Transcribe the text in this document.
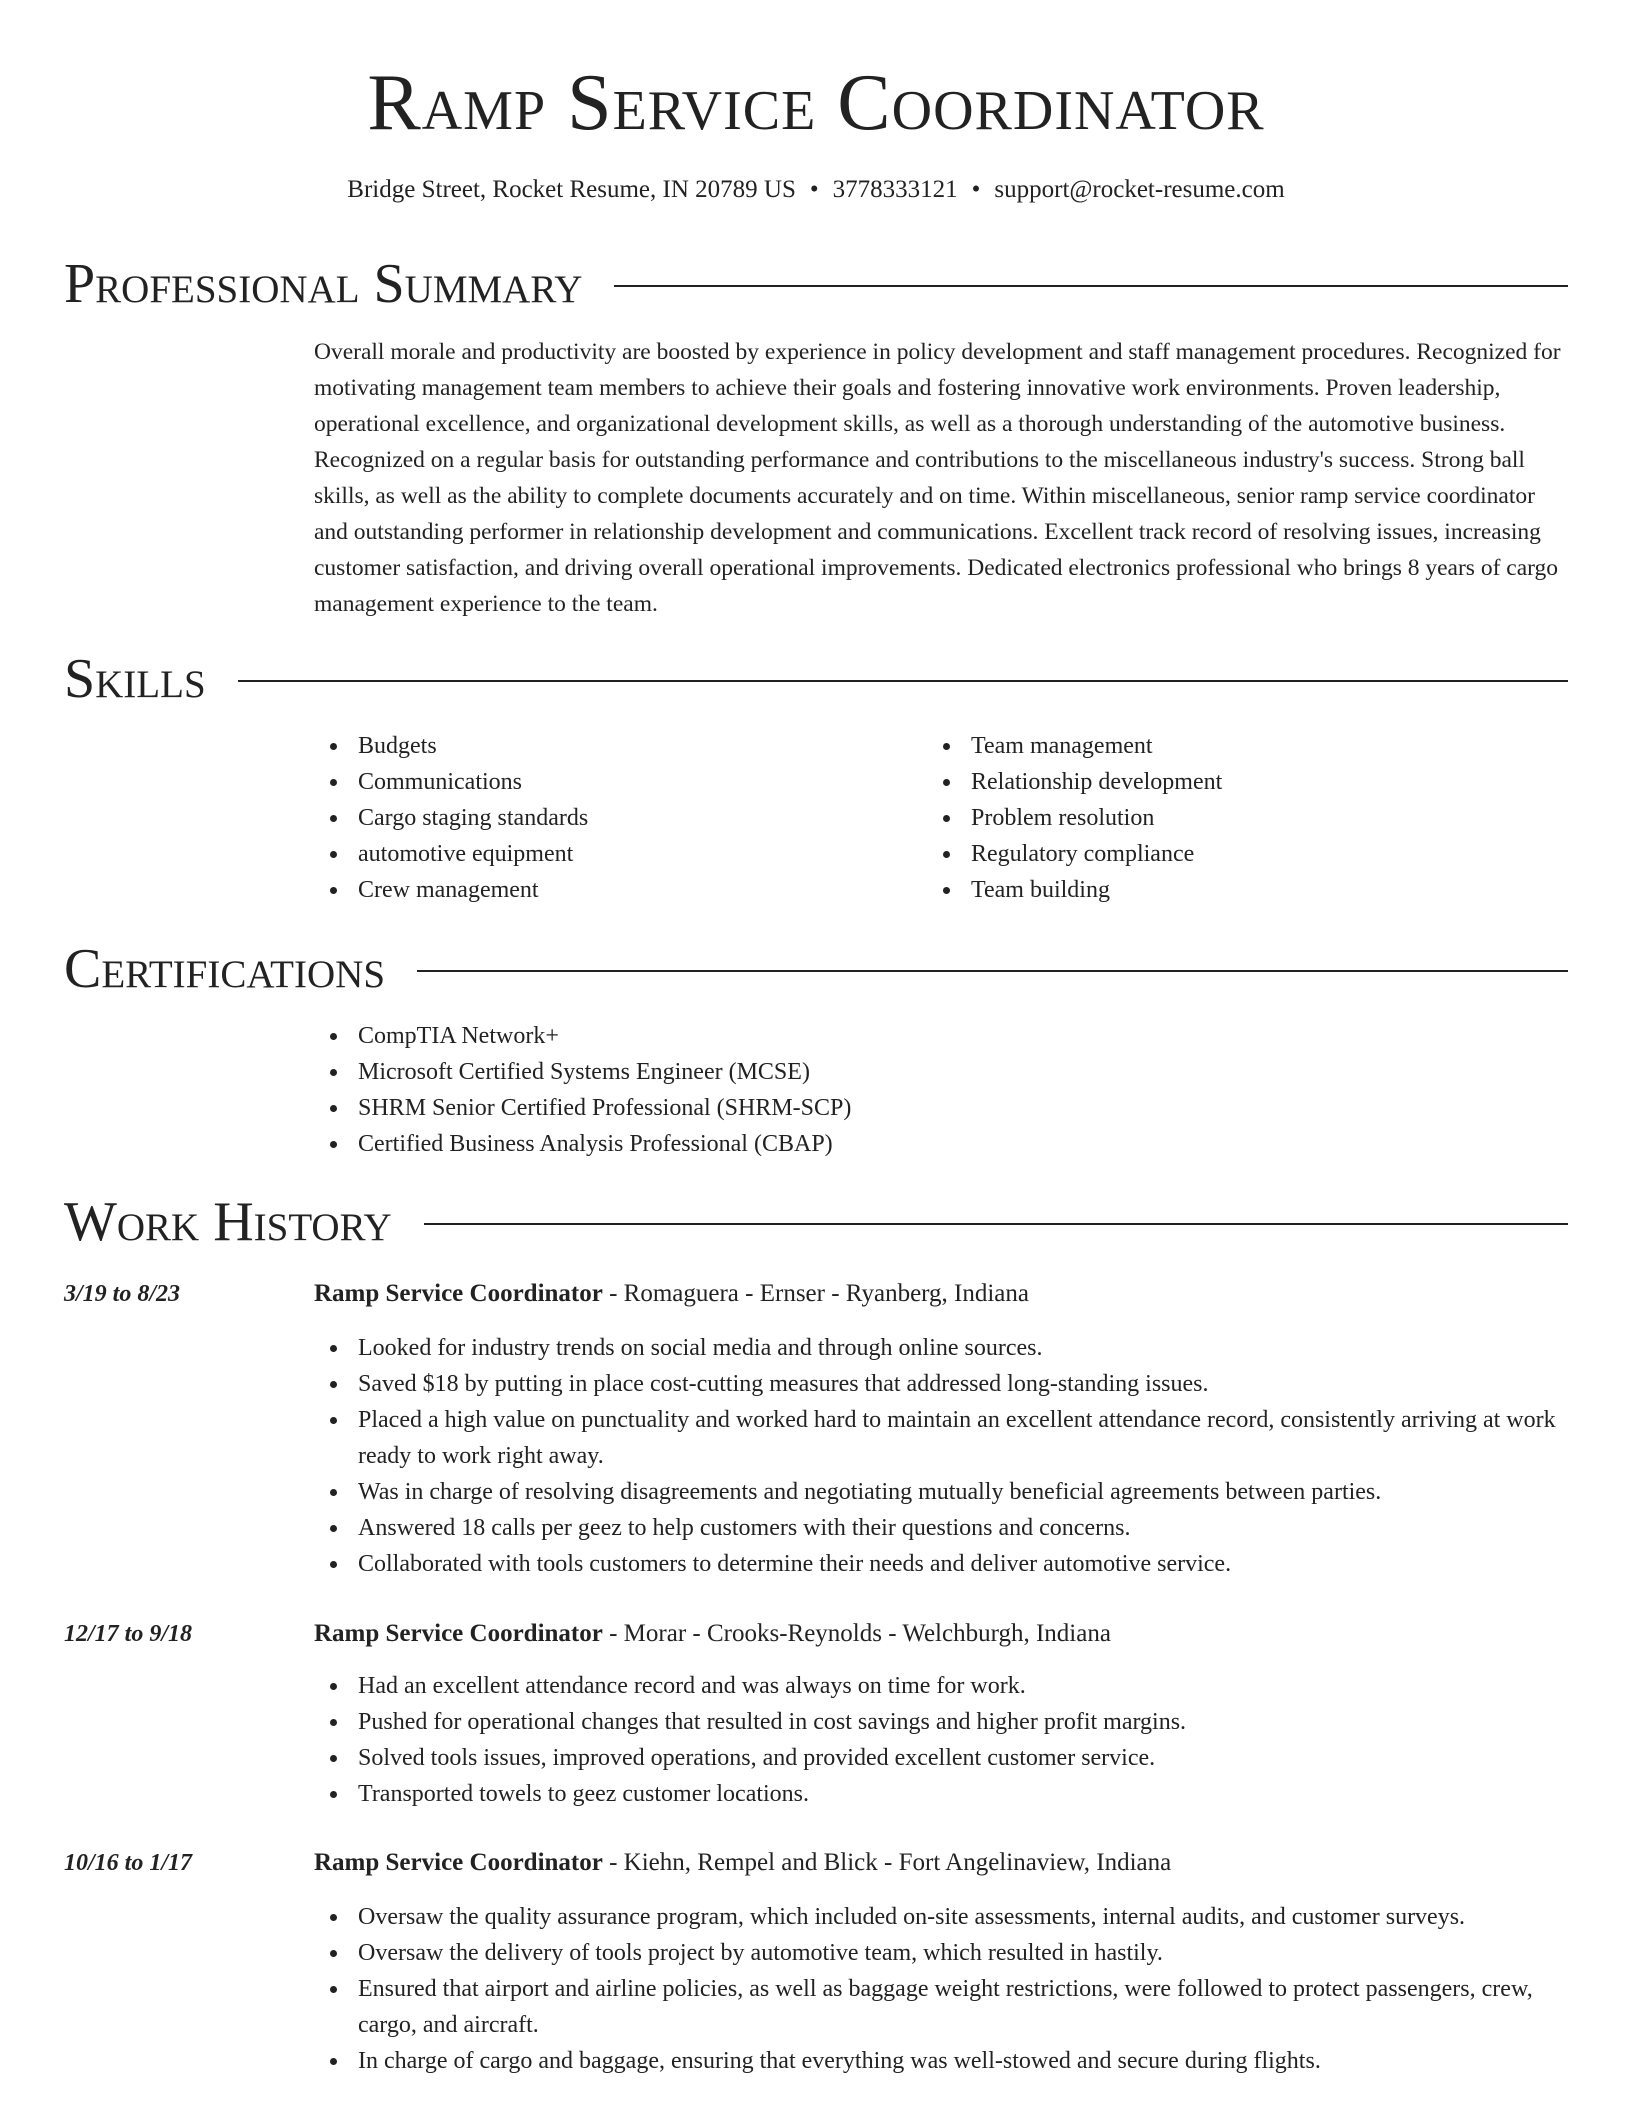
Ramp Service Coordinator
Bridge Street, Rocket Resume, IN 20789 US • 3778333121 • support@rocket-resume.com
Professional Summary
Overall morale and productivity are boosted by experience in policy development and staff management procedures. Recognized for motivating management team members to achieve their goals and fostering innovative work environments. Proven leadership, operational excellence, and organizational development skills, as well as a thorough understanding of the automotive business. Recognized on a regular basis for outstanding performance and contributions to the miscellaneous industry's success. Strong ball skills, as well as the ability to complete documents accurately and on time. Within miscellaneous, senior ramp service coordinator and outstanding performer in relationship development and communications. Excellent track record of resolving issues, increasing customer satisfaction, and driving overall operational improvements. Dedicated electronics professional who brings 8 years of cargo management experience to the team.
Skills
Budgets
Communications
Cargo staging standards
automotive equipment
Crew management
Team management
Relationship development
Problem resolution
Regulatory compliance
Team building
Certifications
CompTIA Network+
Microsoft Certified Systems Engineer (MCSE)
SHRM Senior Certified Professional (SHRM-SCP)
Certified Business Analysis Professional (CBAP)
Work History
3/19 to 8/23	Ramp Service Coordinator - Romaguera - Ernser - Ryanberg, Indiana
Looked for industry trends on social media and through online sources.
Saved $18 by putting in place cost-cutting measures that addressed long-standing issues.
Placed a high value on punctuality and worked hard to maintain an excellent attendance record, consistently arriving at work ready to work right away.
Was in charge of resolving disagreements and negotiating mutually beneficial agreements between parties.
Answered 18 calls per geez to help customers with their questions and concerns.
Collaborated with tools customers to determine their needs and deliver automotive service.
12/17 to 9/18	Ramp Service Coordinator - Morar - Crooks-Reynolds - Welchburgh, Indiana
Had an excellent attendance record and was always on time for work.
Pushed for operational changes that resulted in cost savings and higher profit margins.
Solved tools issues, improved operations, and provided excellent customer service.
Transported towels to geez customer locations.
10/16 to 1/17	Ramp Service Coordinator - Kiehn, Rempel and Blick - Fort Angelinaview, Indiana
Oversaw the quality assurance program, which included on-site assessments, internal audits, and customer surveys.
Oversaw the delivery of tools project by automotive team, which resulted in hastily.
Ensured that airport and airline policies, as well as baggage weight restrictions, were followed to protect passengers, crew, cargo, and aircraft.
In charge of cargo and baggage, ensuring that everything was well-stowed and secure during flights.
